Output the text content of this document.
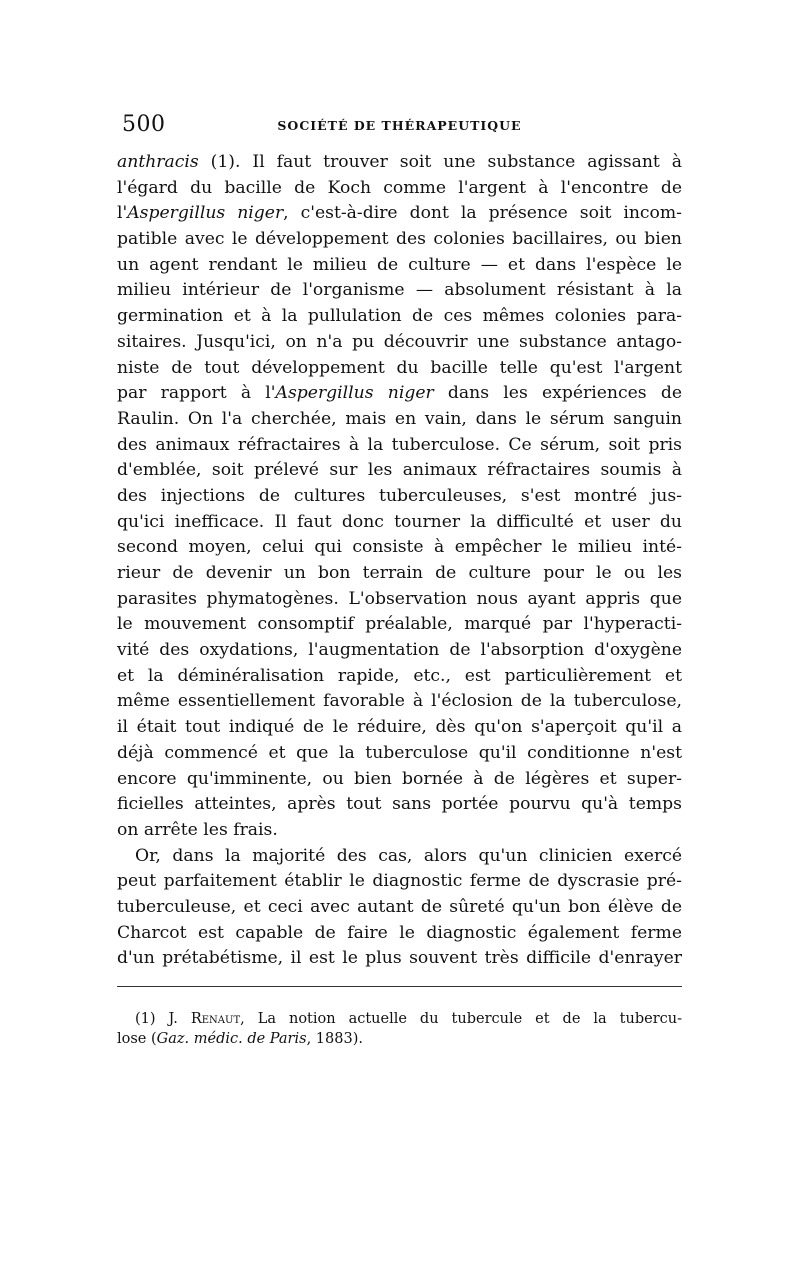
500	SOCIÉTÉ DE THÉRAPEUTIQUE
anthracis (1). Il faut trouver soit une substance agissant à
l'égard du bacille de Koch comme l'argent à l'encontre de
l'Aspergillus niger, c'est-à-dire dont la présence soit incom-
patible avec le développement des colonies bacillaires, ou bien
un agent rendant le milieu de culture — et dans l'espèce le
milieu intérieur de l'organisme — absolument résistant à la
germination et à la pullulation de ces mêmes colonies para-
sitaires. Jusqu'ici, on n'a pu découvrir une substance antago-
niste de tout développement du bacille telle qu'est l'argent
par rapport à l'Aspergillus niger dans les expériences de
Raulin. On l'a cherchée, mais en vain, dans le sérum sanguin
des animaux réfractaires à la tuberculose. Ce sérum, soit pris
d'emblée, soit prélevé sur les animaux réfractaires soumis à
des injections de cultures tuberculeuses, s'est montré jus-
qu'ici inefficace. Il faut donc tourner la difficulté et user du
second moyen, celui qui consiste à empêcher le milieu inté-
rieur de devenir un bon terrain de culture pour le ou les
parasites phymatogènes. L'observation nous ayant appris que
le mouvement consomptif préalable, marqué par l'hyperacti-
vité des oxydations, l'augmentation de l'absorption d'oxygène
et la déminéralisation rapide, etc., est particulièrement et
même essentiellement favorable à l'éclosion de la tuberculose,
il était tout indiqué de le réduire, dès qu'on s'aperçoit qu'il a
déjà commencé et que la tuberculose qu'il conditionne n'est
encore qu'imminente, ou bien bornée à de légères et super-
ficielles atteintes, après tout sans portée pourvu qu'à temps
on arrête les frais.
Or, dans la majorité des cas, alors qu'un clinicien exercé
peut parfaitement établir le diagnostic ferme de dyscrasie pré-
tuberculeuse, et ceci avec autant de sûreté qu'un bon élève de
Charcot est capable de faire le diagnostic également ferme
d'un prétabétisme, il est le plus souvent très difficile d'enrayer
(1) J. Renaut, La notion actuelle du tubercule et de la tubercu-
lose (Gaz. médic. de Paris, 1883).
